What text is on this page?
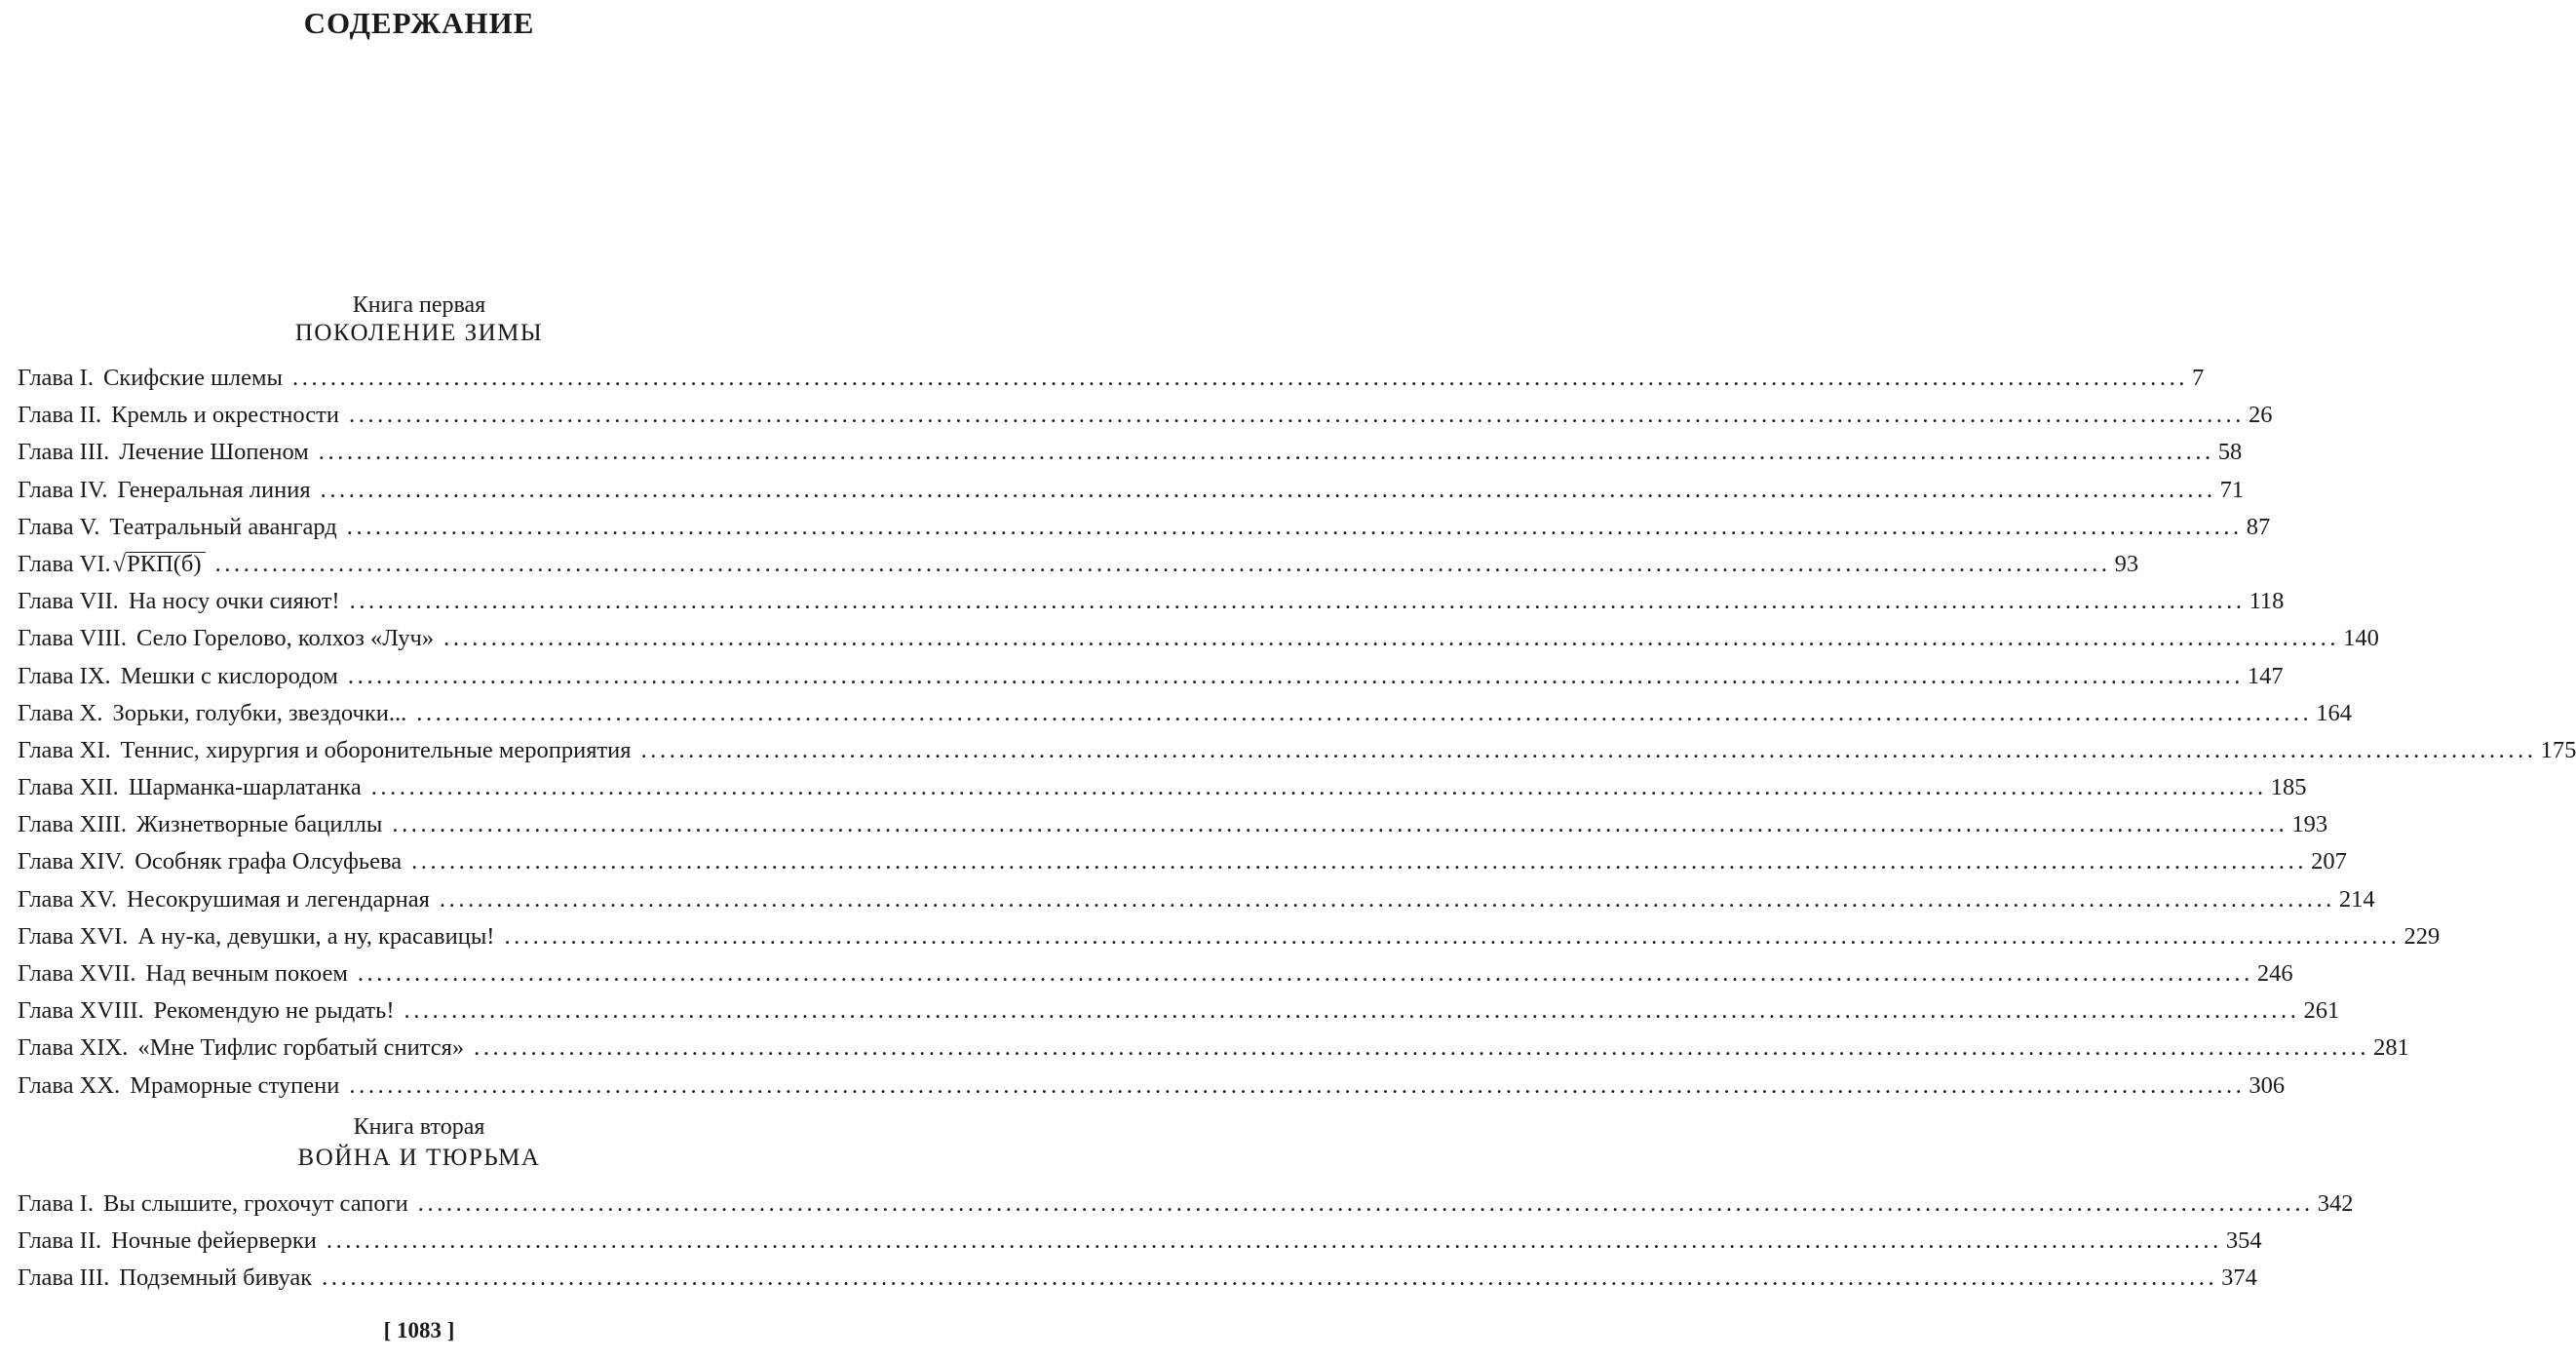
СОДЕРЖАНИЕ
Книга первая
ПОКОЛЕНИЕ ЗИМЫ
Глава I. Скифские шлемы ........................................................................................................................................................................................................ 7
Глава II. Кремль и окрестности ........................................................................................................................................................................................................ 26
Глава III. Лечение Шопеном ........................................................................................................................................................................................................ 58
Глава IV. Генеральная линия ........................................................................................................................................................................................................ 71
Глава V. Театральный авангард ........................................................................................................................................................................................................ 87
Глава VI.√РКП(б) ........................................................................................................................................................................................................ 93
Глава VII. На носу очки сияют! ........................................................................................................................................................................................................ 118
Глава VIII. Село Горелово, колхоз «Луч» ........................................................................................................................................................................................................ 140
Глава IX. Мешки с кислородом ........................................................................................................................................................................................................ 147
Глава X. Зорьки, голубки, звездочки... ........................................................................................................................................................................................................ 164
Глава XI. Теннис, хирургия и оборонительные мероприятия ........................................................................................................................................................................................................ 175
Глава XII. Шарманка-шарлатанка ........................................................................................................................................................................................................ 185
Глава XIII. Жизнетворные бациллы ........................................................................................................................................................................................................ 193
Глава XIV. Особняк графа Олсуфьева ........................................................................................................................................................................................................ 207
Глава XV. Несокрушимая и легендарная ........................................................................................................................................................................................................ 214
Глава XVI. А ну-ка, девушки, а ну, красавицы! ........................................................................................................................................................................................................ 229
Глава XVII. Над вечным покоем ........................................................................................................................................................................................................ 246
Глава XVIII. Рекомендую не рыдать! ........................................................................................................................................................................................................ 261
Глава XIX. «Мне Тифлис горбатый снится» ........................................................................................................................................................................................................ 281
Глава XX. Мраморные ступени ........................................................................................................................................................................................................ 306
Книга вторая
ВОЙНА И ТЮРЬМА
Глава I. Вы слышите, грохочут сапоги ........................................................................................................................................................................................................ 342
Глава II. Ночные фейерверки ........................................................................................................................................................................................................ 354
Глава III. Подземный бивуак ........................................................................................................................................................................................................ 374
[ 1083 ]
